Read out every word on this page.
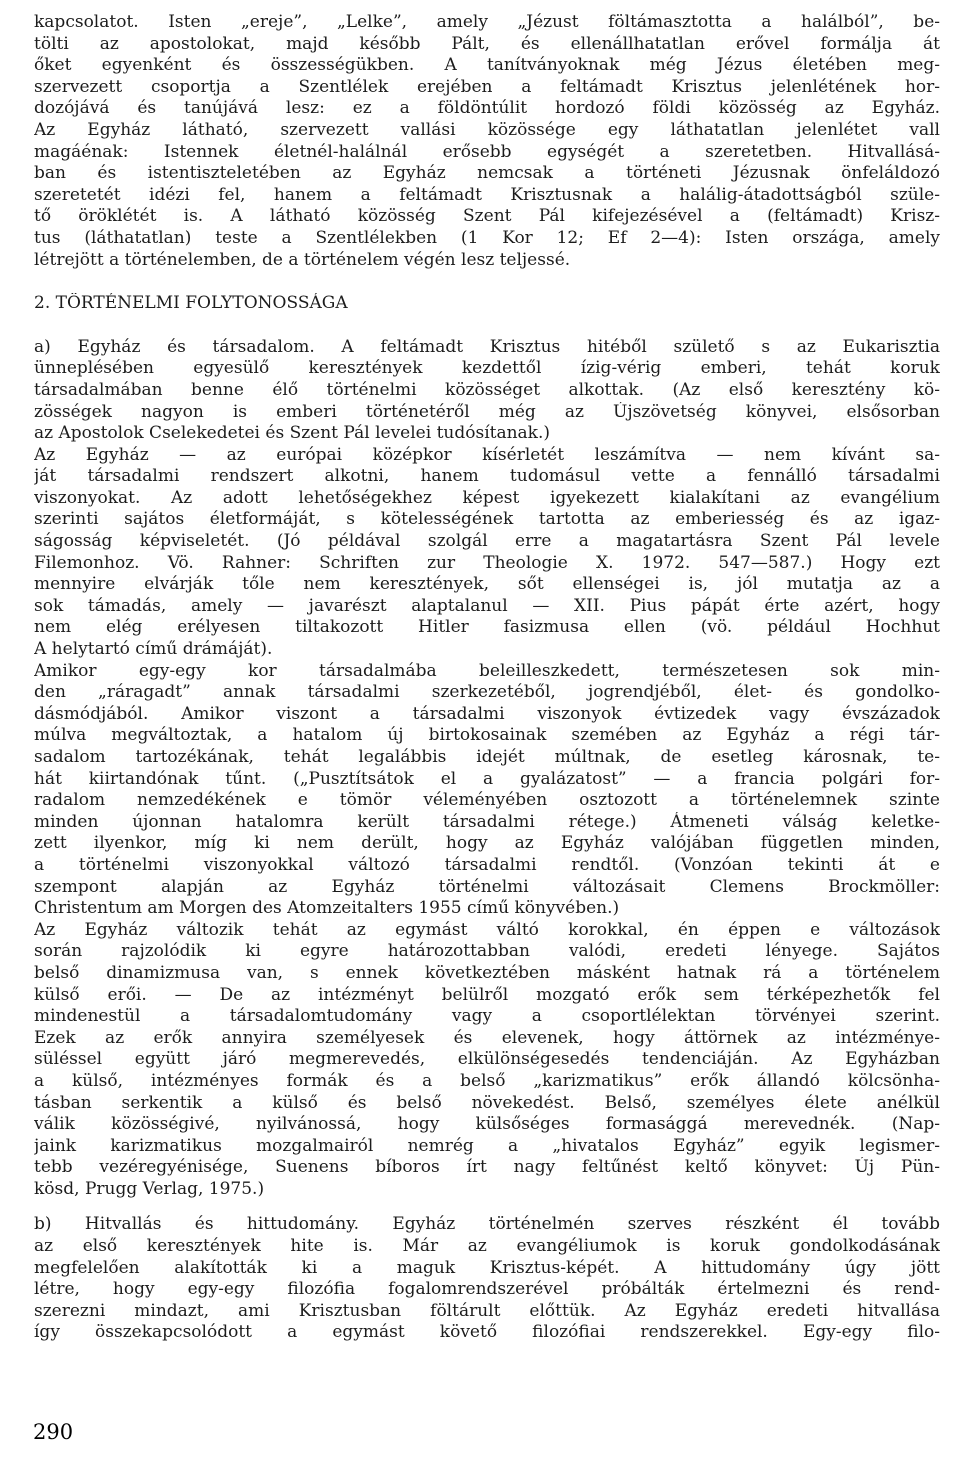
kapcsolatot. Isten „ereje”, „Lelke”, amely „Jézust föltámasztotta a halálból”, be-
tölti az apostolokat, majd később Pált, és ellenállhatatlan erővel formálja át
őket egyenként és összességükben. A tanítványoknak még Jézus életében meg-
szervezett csoportja a Szentlélek erejében a feltámadt Krisztus jelenlétének hor-
dozójává és tanújává lesz: ez a földöntúlit hordozó földi közösség az Egyház.
Az Egyház látható, szervezett vallási közössége egy láthatatlan jelenlétet vall
magáénak: Istennek életnél-halálnál erősebb egységét a szeretetben. Hitvallásá-
ban és istentiszteletében az Egyház nemcsak a történeti Jézusnak önfeláldozó
szeretetét idézi fel, hanem a feltámadt Krisztusnak a halálig-átadottságból szüle-
tő öröklétét is. A látható közösség Szent Pál kifejezésével a (feltámadt) Krisz-
tus (láthatatlan) teste a Szentlélekben (1 Kor 12; Ef 2—4): Isten országa, amely
létrejött a történelemben, de a történelem végén lesz teljessé.
2. TÖRTÉNELMI FOLYTONOSSÁGA
a) Egyház és társadalom. A feltámadt Krisztus hitéből születő s az Eukarisztia
ünneplésében egyesülő keresztények kezdettől ízig-vérig emberi, tehát koruk
társadalmában benne élő történelmi közösséget alkottak. (Az első keresztény kö-
zösségek nagyon is emberi történetéről még az Újszövetség könyvei, elsősorban
az Apostolok Cselekedetei és Szent Pál levelei tudósítanak.)
Az Egyház — az európai középkor kísérletét leszámítva — nem kívánt sa-
ját társadalmi rendszert alkotni, hanem tudomásul vette a fennálló társadalmi
viszonyokat. Az adott lehetőségekhez képest igyekezett kialakítani az evangélium
szerinti sajátos életformáját, s kötelességének tartotta az emberiesség és az igaz-
ságosság képviseletét. (Jó példával szolgál erre a magatartásra Szent Pál levele
Filemonhoz. Vö. Rahner: Schriften zur Theologie X. 1972. 547—587.) Hogy ezt
mennyire elvárják tőle nem keresztények, sőt ellenségei is, jól mutatja az a
sok támadás, amely — javarészt alaptalanul — XII. Pius pápát érte azért, hogy
nem elég erélyesen tiltakozott Hitler fasizmusa ellen (vö. például Hochhut
A helytartó című drámáját).
Amikor egy-egy kor társadalmába beleilleszkedett, természetesen sok min-
den „ráragadt” annak társadalmi szerkezetéből, jogrendjéből, élet- és gondolko-
dásmódjából. Amikor viszont a társadalmi viszonyok évtizedek vagy évszázadok
múlva megváltoztak, a hatalom új birtokosainak szemében az Egyház a régi tár-
sadalom tartozékának, tehát legalábbis idejét múltnak, de esetleg károsnak, te-
hát kiirtandónak tűnt. („Pusztítsátok el a gyalázatost” — a francia polgári for-
radalom nemzedékének e tömör véleményében osztozott a történelemnek szinte
minden újonnan hatalomra került társadalmi rétege.) Átmeneti válság keletke-
zett ilyenkor, míg ki nem derült, hogy az Egyház valójában független minden,
a történelmi viszonyokkal változó társadalmi rendtől. (Vonzóan tekinti át e
szempont alapján az Egyház történelmi változásait Clemens Brockmöller:
Christentum am Morgen des Atomzeitalters 1955 című könyvében.)
Az Egyház változik tehát az egymást váltó korokkal, én éppen e változások
során rajzolódik ki egyre határozottabban valódi, eredeti lényege. Sajátos
belső dinamizmusa van, s ennek következtében másként hatnak rá a történelem
külső erői. — De az intézményt belülről mozgató erők sem térképezhetők fel
mindenestül a társadalomtudomány vagy a csoportlélektan törvényei szerint.
Ezek az erők annyira személyesek és elevenek, hogy áttörnek az intézménye-
süléssel együtt járó megmerevedés, elkülönségesedés tendenciáján. Az Egyházban
a külső, intézményes formák és a belső „karizmatikus” erők állandó kölcsönha-
tásban serkentik a külső és belső növekedést. Belső, személyes élete anélkül
válik közösségivé, nyilvánossá, hogy külsőséges formasággá merevednék. (Nap-
jaink karizmatikus mozgalmairól nemrég a „hivatalos Egyház” egyik legismer-
tebb vezéregyénisége, Suenens bíboros írt nagy feltűnést keltő könyvet: Új Pün-
kösd, Prugg Verlag, 1975.)
b) Hitvallás és hittudomány. Egyház történelmén szerves részként él tovább
az első keresztények hite is. Már az evangéliumok is koruk gondolkodásának
megfelelően alakították ki a maguk Krisztus-képét. A hittudomány úgy jött
létre, hogy egy-egy filozófia fogalomrendszerével próbálták értelmezni és rend-
szerezni mindazt, ami Krisztusban föltárult előttük. Az Egyház eredeti hitvallása
így összekapcsolódott a egymást követő filozófiai rendszerekkel. Egy-egy filo-
290
